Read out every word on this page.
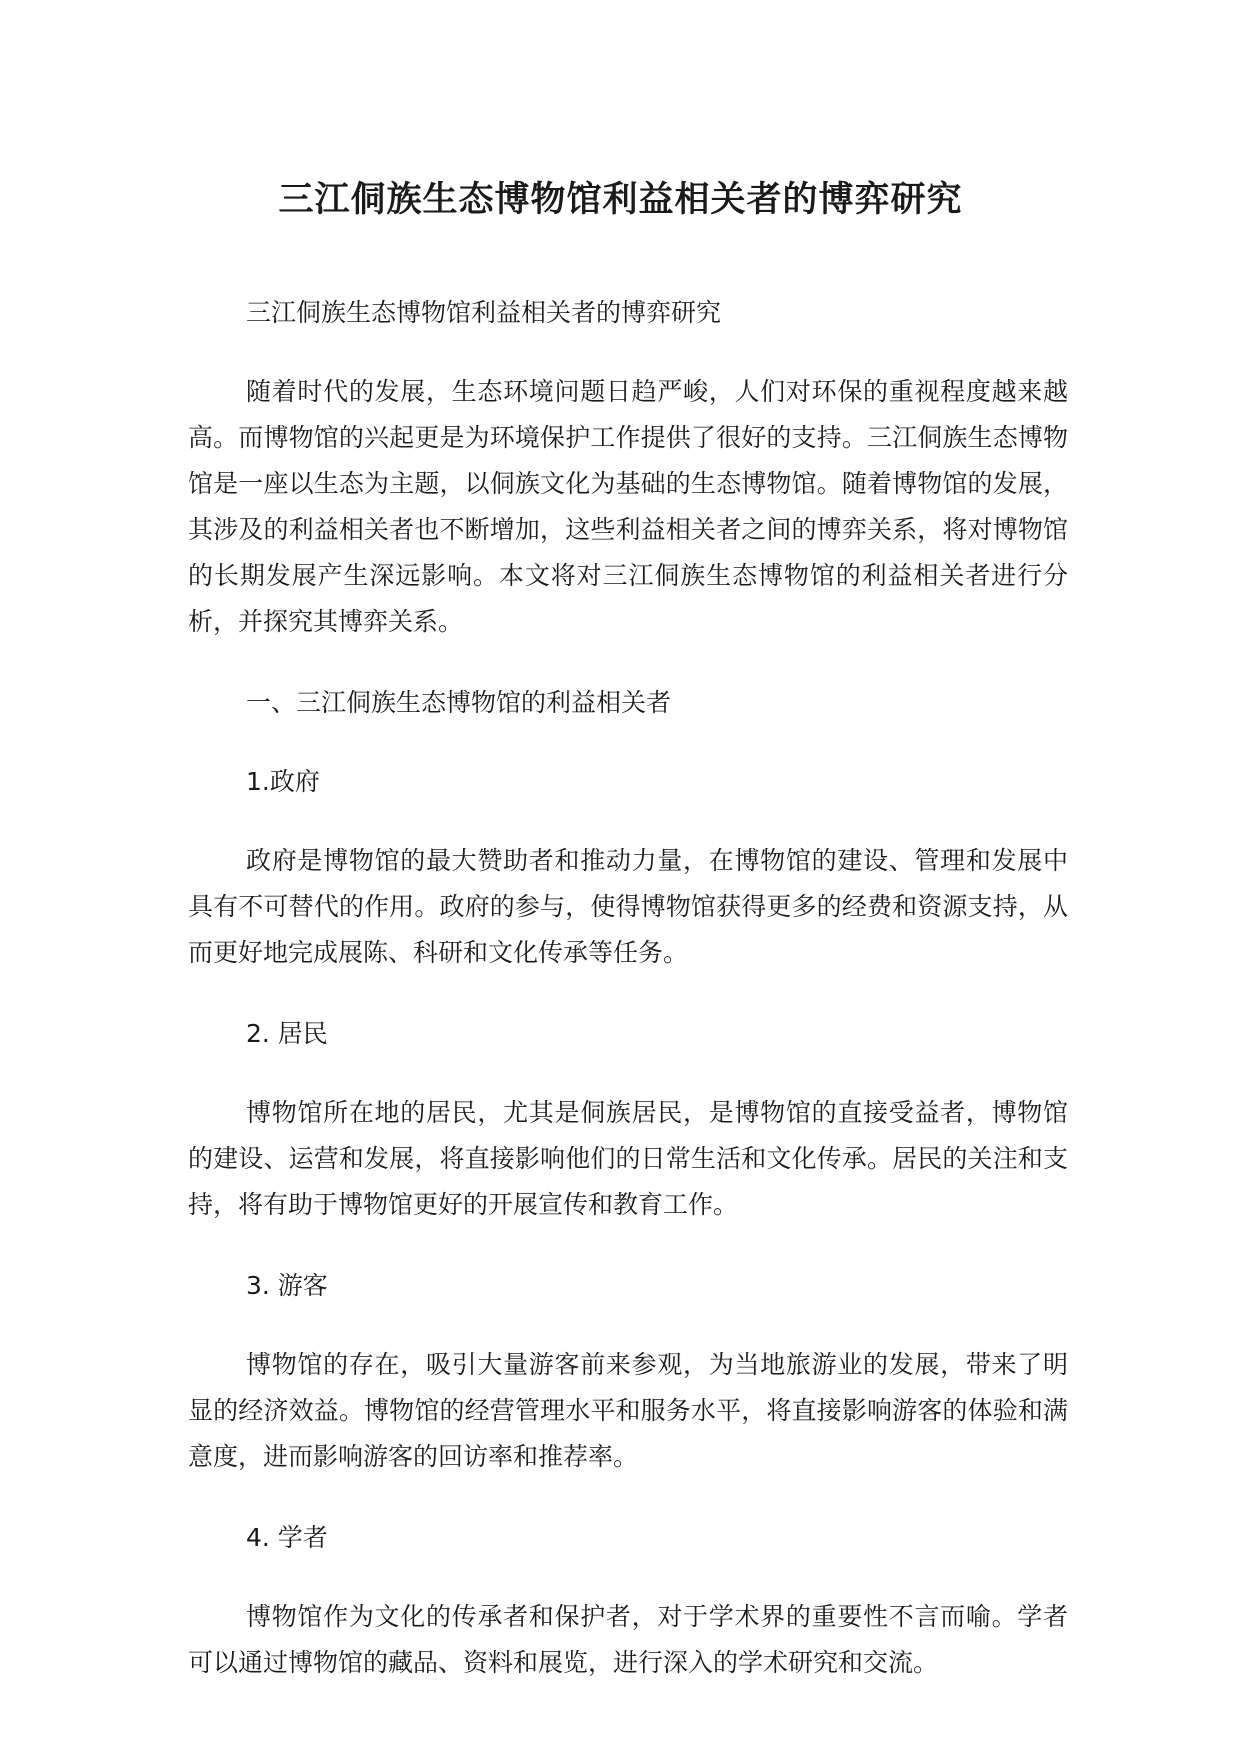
三江侗族生态博物馆利益相关者的博弈研究

三江侗族生态博物馆利益相关者的博弈研究

随着时代的发展，生态环境问题日趋严峻，人们对环保的重视程度越来越高。而博物馆的兴起更是为环境保护工作提供了很好的支持。三江侗族生态博物馆是一座以生态为主题，以侗族文化为基础的生态博物馆。随着博物馆的发展，其涉及的利益相关者也不断增加，这些利益相关者之间的博弈关系，将对博物馆的长期发展产生深远影响。本文将对三江侗族生态博物馆的利益相关者进行分析，并探究其博弈关系。

一、三江侗族生态博物馆的利益相关者

1.政府

政府是博物馆的最大赞助者和推动力量，在博物馆的建设、管理和发展中具有不可替代的作用。政府的参与，使得博物馆获得更多的经费和资源支持，从而更好地完成展陈、科研和文化传承等任务。

2. 居民

博物馆所在地的居民，尤其是侗族居民，是博物馆的直接受益者，博物馆的建设、运营和发展，将直接影响他们的日常生活和文化传承。居民的关注和支持，将有助于博物馆更好的开展宣传和教育工作。

3. 游客

博物馆的存在，吸引大量游客前来参观，为当地旅游业的发展，带来了明显的经济效益。博物馆的经营管理水平和服务水平，将直接影响游客的体验和满意度，进而影响游客的回访率和推荐率。

4. 学者

博物馆作为文化的传承者和保护者，对于学术界的重要性不言而喻。学者可以通过博物馆的藏品、资料和展览，进行深入的学术研究和交流。
